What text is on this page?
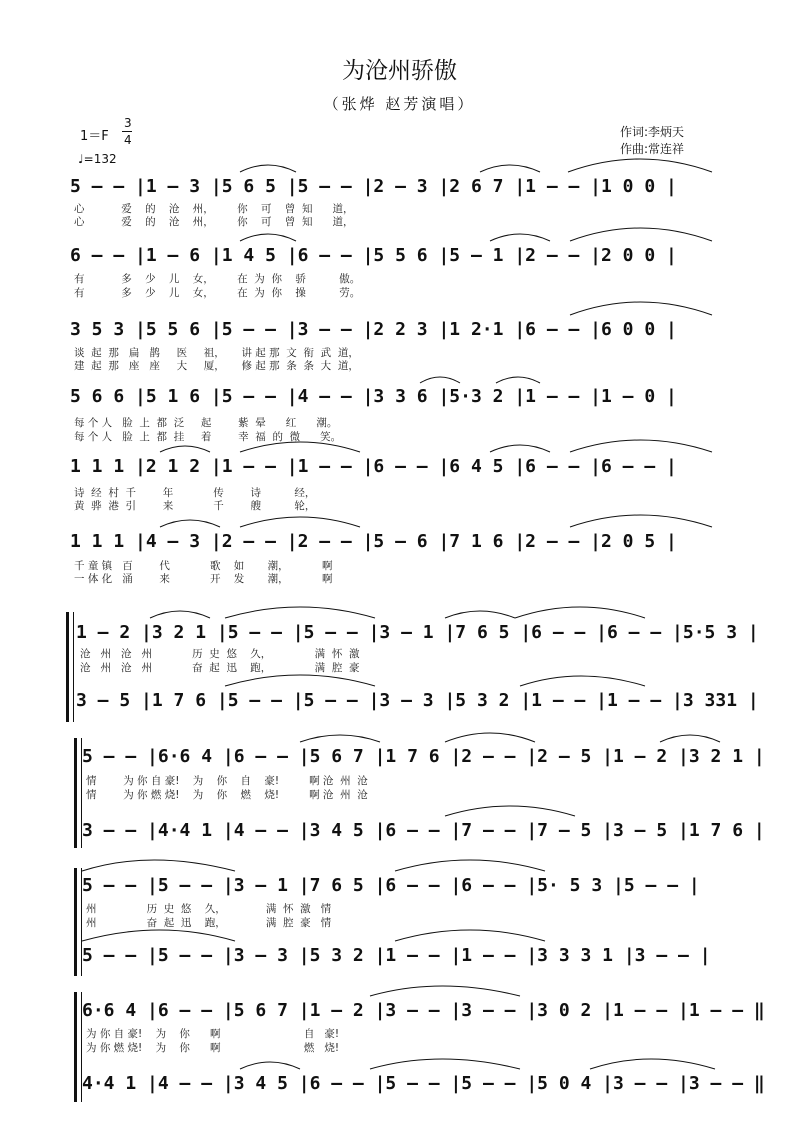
为沧州骄傲
（张烨 赵芳演唱）
1＝F
3
4
♩=132
作词:李炳天
作曲:常连祥
5 – – |1 – 3 |5 6 5 |5 – – |2 – 3 |2 6 7 |1 – – |1 0 0 |
心           爱    的    沧    州，       你    可    曾  知      道，
心           爱    的    沧    州，       你    可    曾  知      道，
6 – – |1 – 6 |1 4 5 |6 – – |5 5 6 |5 – 1 |2 – – |2 0 0 |
有           多    少    儿    女，       在  为  你    骄          傲。
有           多    少    儿    女，       在  为  你    操          劳。
3 5 3 |5 5 6 |5 – – |3 – – |2 2 3 |1 2·1 |6 – – |6 0 0 |
谈  起  那   扁   鹊     医     祖，     讲 起 那  文  衔  武  道，
建  起  那   座   座     大     厦，     修 起 那  条  条  大  道，
5 6 6 |5 1 6 |5 – – |4 – – |3 3 6 |5·3 2 |1 – – |1 – 0 |
每 个 人   脸  上  都  泛     起        紫  晕      红      潮。
每 个 人   脸  上  都  挂     着        幸  福  的  微      笑。
1 1 1 |2 1 2 |1 – – |1 – – |6 – – |6 4 5 |6 – – |6 – – |
诗  经  村  千        年            传        诗          经，
黄  骅  港  引        来            千        艘          轮，
1 1 1 |4 – 3 |2 – – |2 – – |5 – 6 |7 1 6 |2 – – |2 0 5 |
千 童 镇   百        代            歌    如       潮，          啊
一 体 化   涌        来            开    发       潮，          啊
1 – 2 |3 2 1 |5 – – |5 – – |3 – 1 |7 6 5 |6 – – |6 – – |5·5 3 |
沧   州   沧   州            历  史  悠    久，             满  怀  激
沧   州   沧   州            奋  起  迅    跑，             满  腔  豪
3 – 5 |1 7 6 |5 – – |5 – – |3 – 3 |5 3 2 |1 – – |1 – – |3 331 |
5 – – |6·6 4 |6 – – |5 6 7 |1 7 6 |2 – – |2 – 5 |1 – 2 |3 2 1 |
情        为 你 自 豪!    为    你    自    豪!         啊 沧  州  沧
情        为 你 燃 烧!    为    你    燃    烧!         啊 沧  州  沧
3 – – |4·4 1 |4 – – |3 4 5 |6 – – |7 – – |7 – 5 |3 – 5 |1 7 6 |
5 – – |5 – – |3 – 1 |7 6 5 |6 – – |6 – – |5· 5 3 |5 – – |
州               历  史  悠    久，            满  怀  激   情
州               奋  起  迅    跑，            满  腔  豪   情
5 – – |5 – – |3 – 3 |5 3 2 |1 – – |1 – – |3 3 3 1 |3 – – |
6·6 4 |6 – – |5 6 7 |1 – 2 |3 – – |3 – – |3 0 2 |1 – – |1 – – ‖
为 你 自 豪!    为    你      啊                         自   豪!
为 你 燃 烧!    为    你      啊                         燃   烧!
4·4 1 |4 – – |3 4 5 |6 – – |5 – – |5 – – |5 0 4 |3 – – |3 – – ‖
